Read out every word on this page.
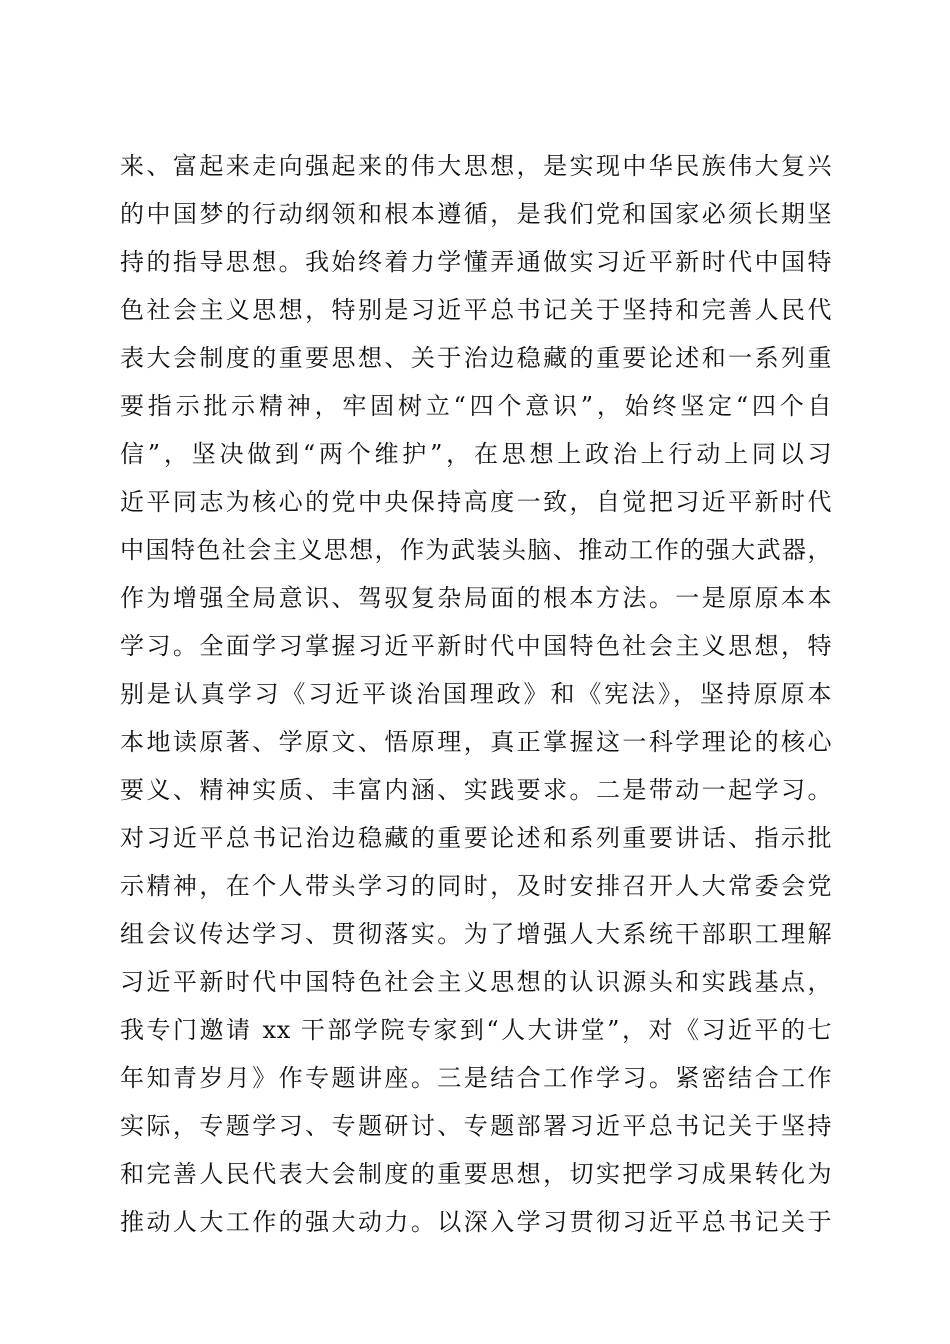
来、富起来走向强起来的伟大思想，是实现中华民族伟大复兴
的中国梦的行动纲领和根本遵循，是我们党和国家必须长期坚
持的指导思想。我始终着力学懂弄通做实习近平新时代中国特
色社会主义思想，特别是习近平总书记关于坚持和完善人民代
表大会制度的重要思想、关于治边稳藏的重要论述和一系列重
要指示批示精神，牢固树立“四个意识”，始终坚定“四个自
信”，坚决做到“两个维护”，在思想上政治上行动上同以习
近平同志为核心的党中央保持高度一致，自觉把习近平新时代
中国特色社会主义思想，作为武装头脑、推动工作的强大武器，
作为增强全局意识、驾驭复杂局面的根本方法。一是原原本本
学习。全面学习掌握习近平新时代中国特色社会主义思想，特
别是认真学习《习近平谈治国理政》和《宪法》，坚持原原本
本地读原著、学原文、悟原理，真正掌握这一科学理论的核心
要义、精神实质、丰富内涵、实践要求。二是带动一起学习。
对习近平总书记治边稳藏的重要论述和系列重要讲话、指示批
示精神，在个人带头学习的同时，及时安排召开人大常委会党
组会议传达学习、贯彻落实。为了增强人大系统干部职工理解
习近平新时代中国特色社会主义思想的认识源头和实践基点，
我专门邀请 xx 干部学院专家到“人大讲堂”，对《习近平的七
年知青岁月》作专题讲座。三是结合工作学习。紧密结合工作
实际，专题学习、专题研讨、专题部署习近平总书记关于坚持
和完善人民代表大会制度的重要思想，切实把学习成果转化为
推动人大工作的强大动力。以深入学习贯彻习近平总书记关于
